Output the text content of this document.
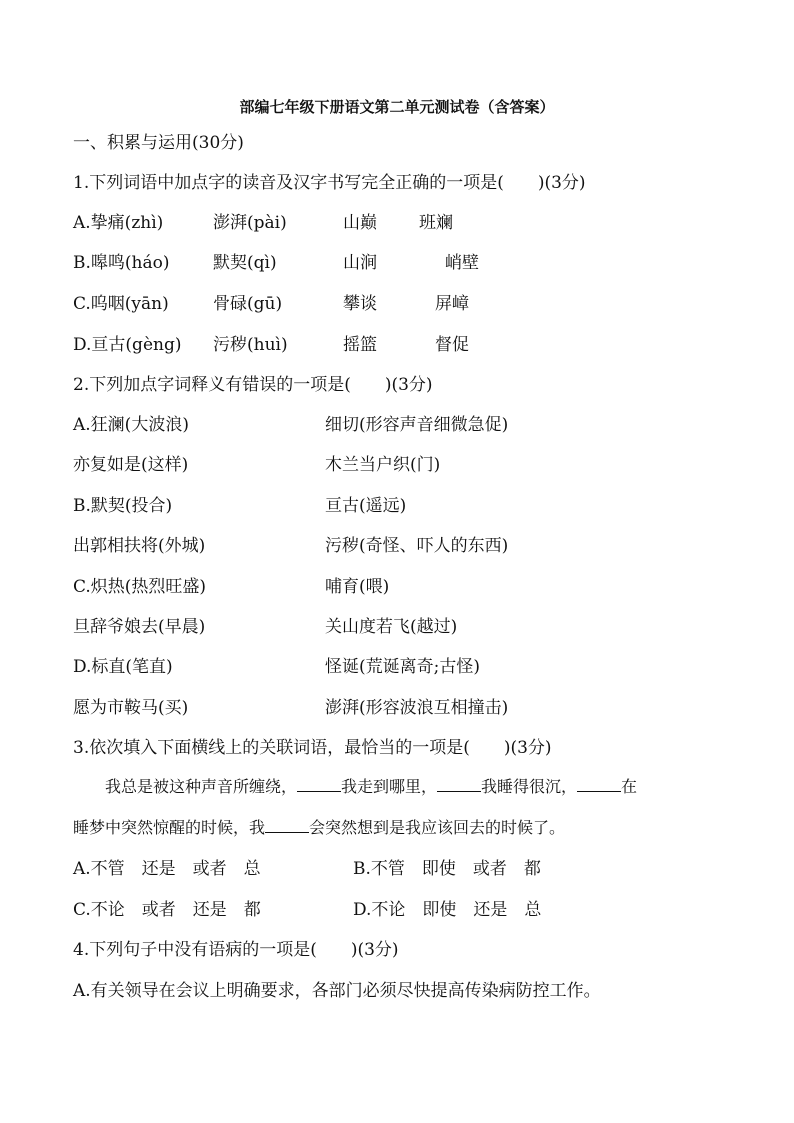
部编七年级下册语文第二单元测试卷（含答案）
一、积累与运用(30分)
1.下列词语中加点字的读音及汉字书写完全正确的一项是(　　)(3分)
A.挚痛(zhì)	澎湃(pài)	山巅 班斓
B.嗥鸣(háo)	默契(qì)	山涧	峭壁
C.呜咽(yān)	骨碌(gū)	攀谈	屏嶂
D.亘古(gèng) 污秽(huì)	摇篮	督促
2.下列加点字词释义有错误的一项是(　　)(3分)
A.狂澜(大波浪)	细切(形容声音细微急促)
亦复如是(这样)	木兰当户织(门)
B.默契(投合)	亘古(遥远)
出郭相扶将(外城)	污秽(奇怪、吓人的东西)
C.炽热(热烈旺盛)	哺育(喂)
旦辞爷娘去(早晨)	关山度若飞(越过)
D.标直(笔直)	怪诞(荒诞离奇;古怪)
愿为市鞍马(买)	澎湃(形容波浪互相撞击)
3.依次填入下面横线上的关联词语，最恰当的一项是(　　)(3分)
我总是被这种声音所缠绕，	我走到哪里，	我睡得很沉，	在
睡梦中突然惊醒的时候，我	会突然想到是我应该回去的时候了。
A.不管　还是　或者　总	B.不管　即使　或者　都
C.不论　或者　还是　都	D.不论　即使　还是　总
4.下列句子中没有语病的一项是(　　)(3分)
A.有关领导在会议上明确要求，各部门必须尽快提高传染病防控工作。
